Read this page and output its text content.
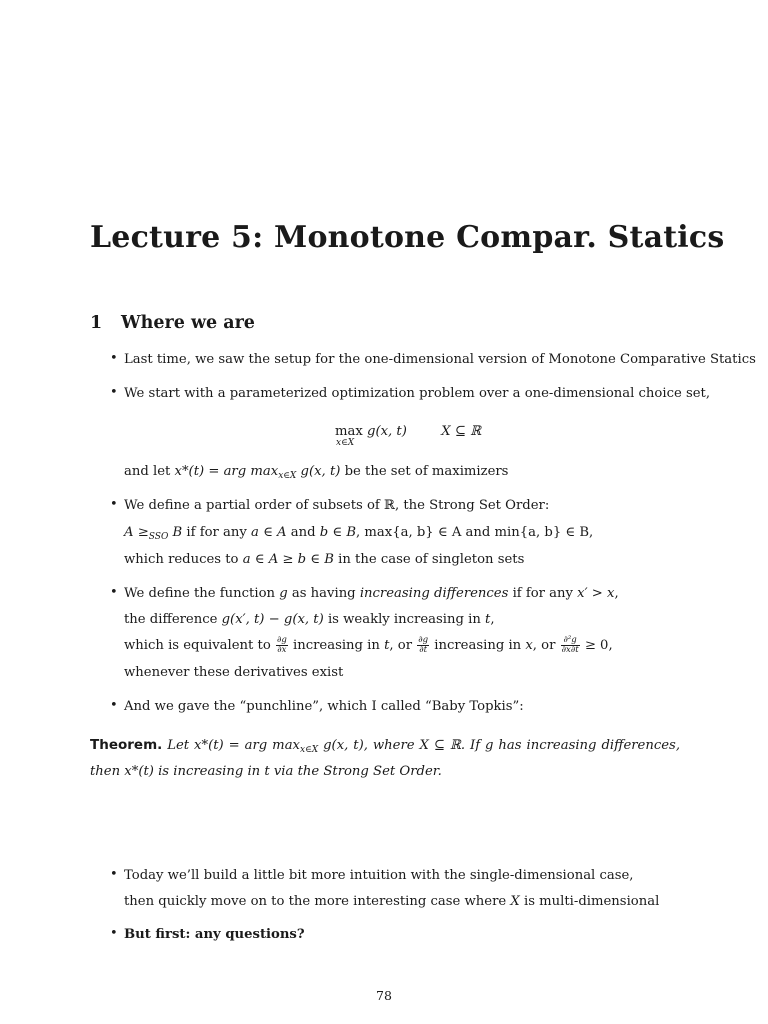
Lecture 5: Monotone Compar. Statics
1 Where we are
• Last time, we saw the setup for the one-dimensional version of Monotone Comparative Statics
• We start with a parameterized optimization problem over a one-dimensional choice set,
max
x∈X
g(x, t)	X ⊆ ℝ
and let x*(t) = arg $\max_{x\in X} g(x$, t) be the set of maximizers
• We define a partial order of subsets of ℝ, the Strong Set Order:
$A \ge_{SSO}$ B if for any a ∈ A and b ∈ B, max{a, b} ∈ A and min{a, b} ∈ B,
which reduces to a ∈ A ≥ b ∈ B in the case of singleton sets
• We define the function g as having increasing differences if for any x′ > x,
the difference g(x′, t) − g(x, t) is weakly increasing in t,
which is equivalent to $\frac{\partial g}{\partial x}$ increasing in t, or $\frac{\partial g}{\partial t}$ increasing in x, or $\frac{\text{∂²g}}{\partial x\partial t} \ge 0$,
whenever these derivatives exist
• And we gave the “punchline”, which I called “Baby Topkis”:
Theorem. Let x*(t) = arg $\max_{x\in X} g(x$, t), where X ⊆ ℝ. If g has increasing differences, then x*(t) is increasing in t via the Strong Set Order.
• Today we’ll build a little bit more intuition with the single-dimensional case,
then quickly move on to the more interesting case where X is multi-dimensional
• But first: any questions?
78
